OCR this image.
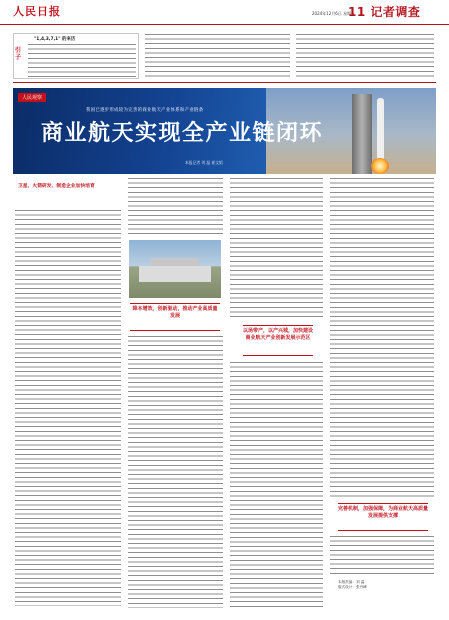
人民日报	2024年12月6日 星期五
11 记者调查
引子
"1,4,3,7,1" 的来历
人民观察
我国已逐步形成较为完善的商业航天产业体系和产业链条
商业航天实现全产业链闭环
本报记者 刘 温 崔文韬
卫星、火箭研发、制造企业加快培育
降本增效，创新驱动，推动产业高质量发展
以场带产，以产兴城，加快建设商业航天产业创新发展示范区
完善机制，加强保障，为商业航天高质量发展提供支撑
本版责编：刘 温
版式设计：张丹峰
